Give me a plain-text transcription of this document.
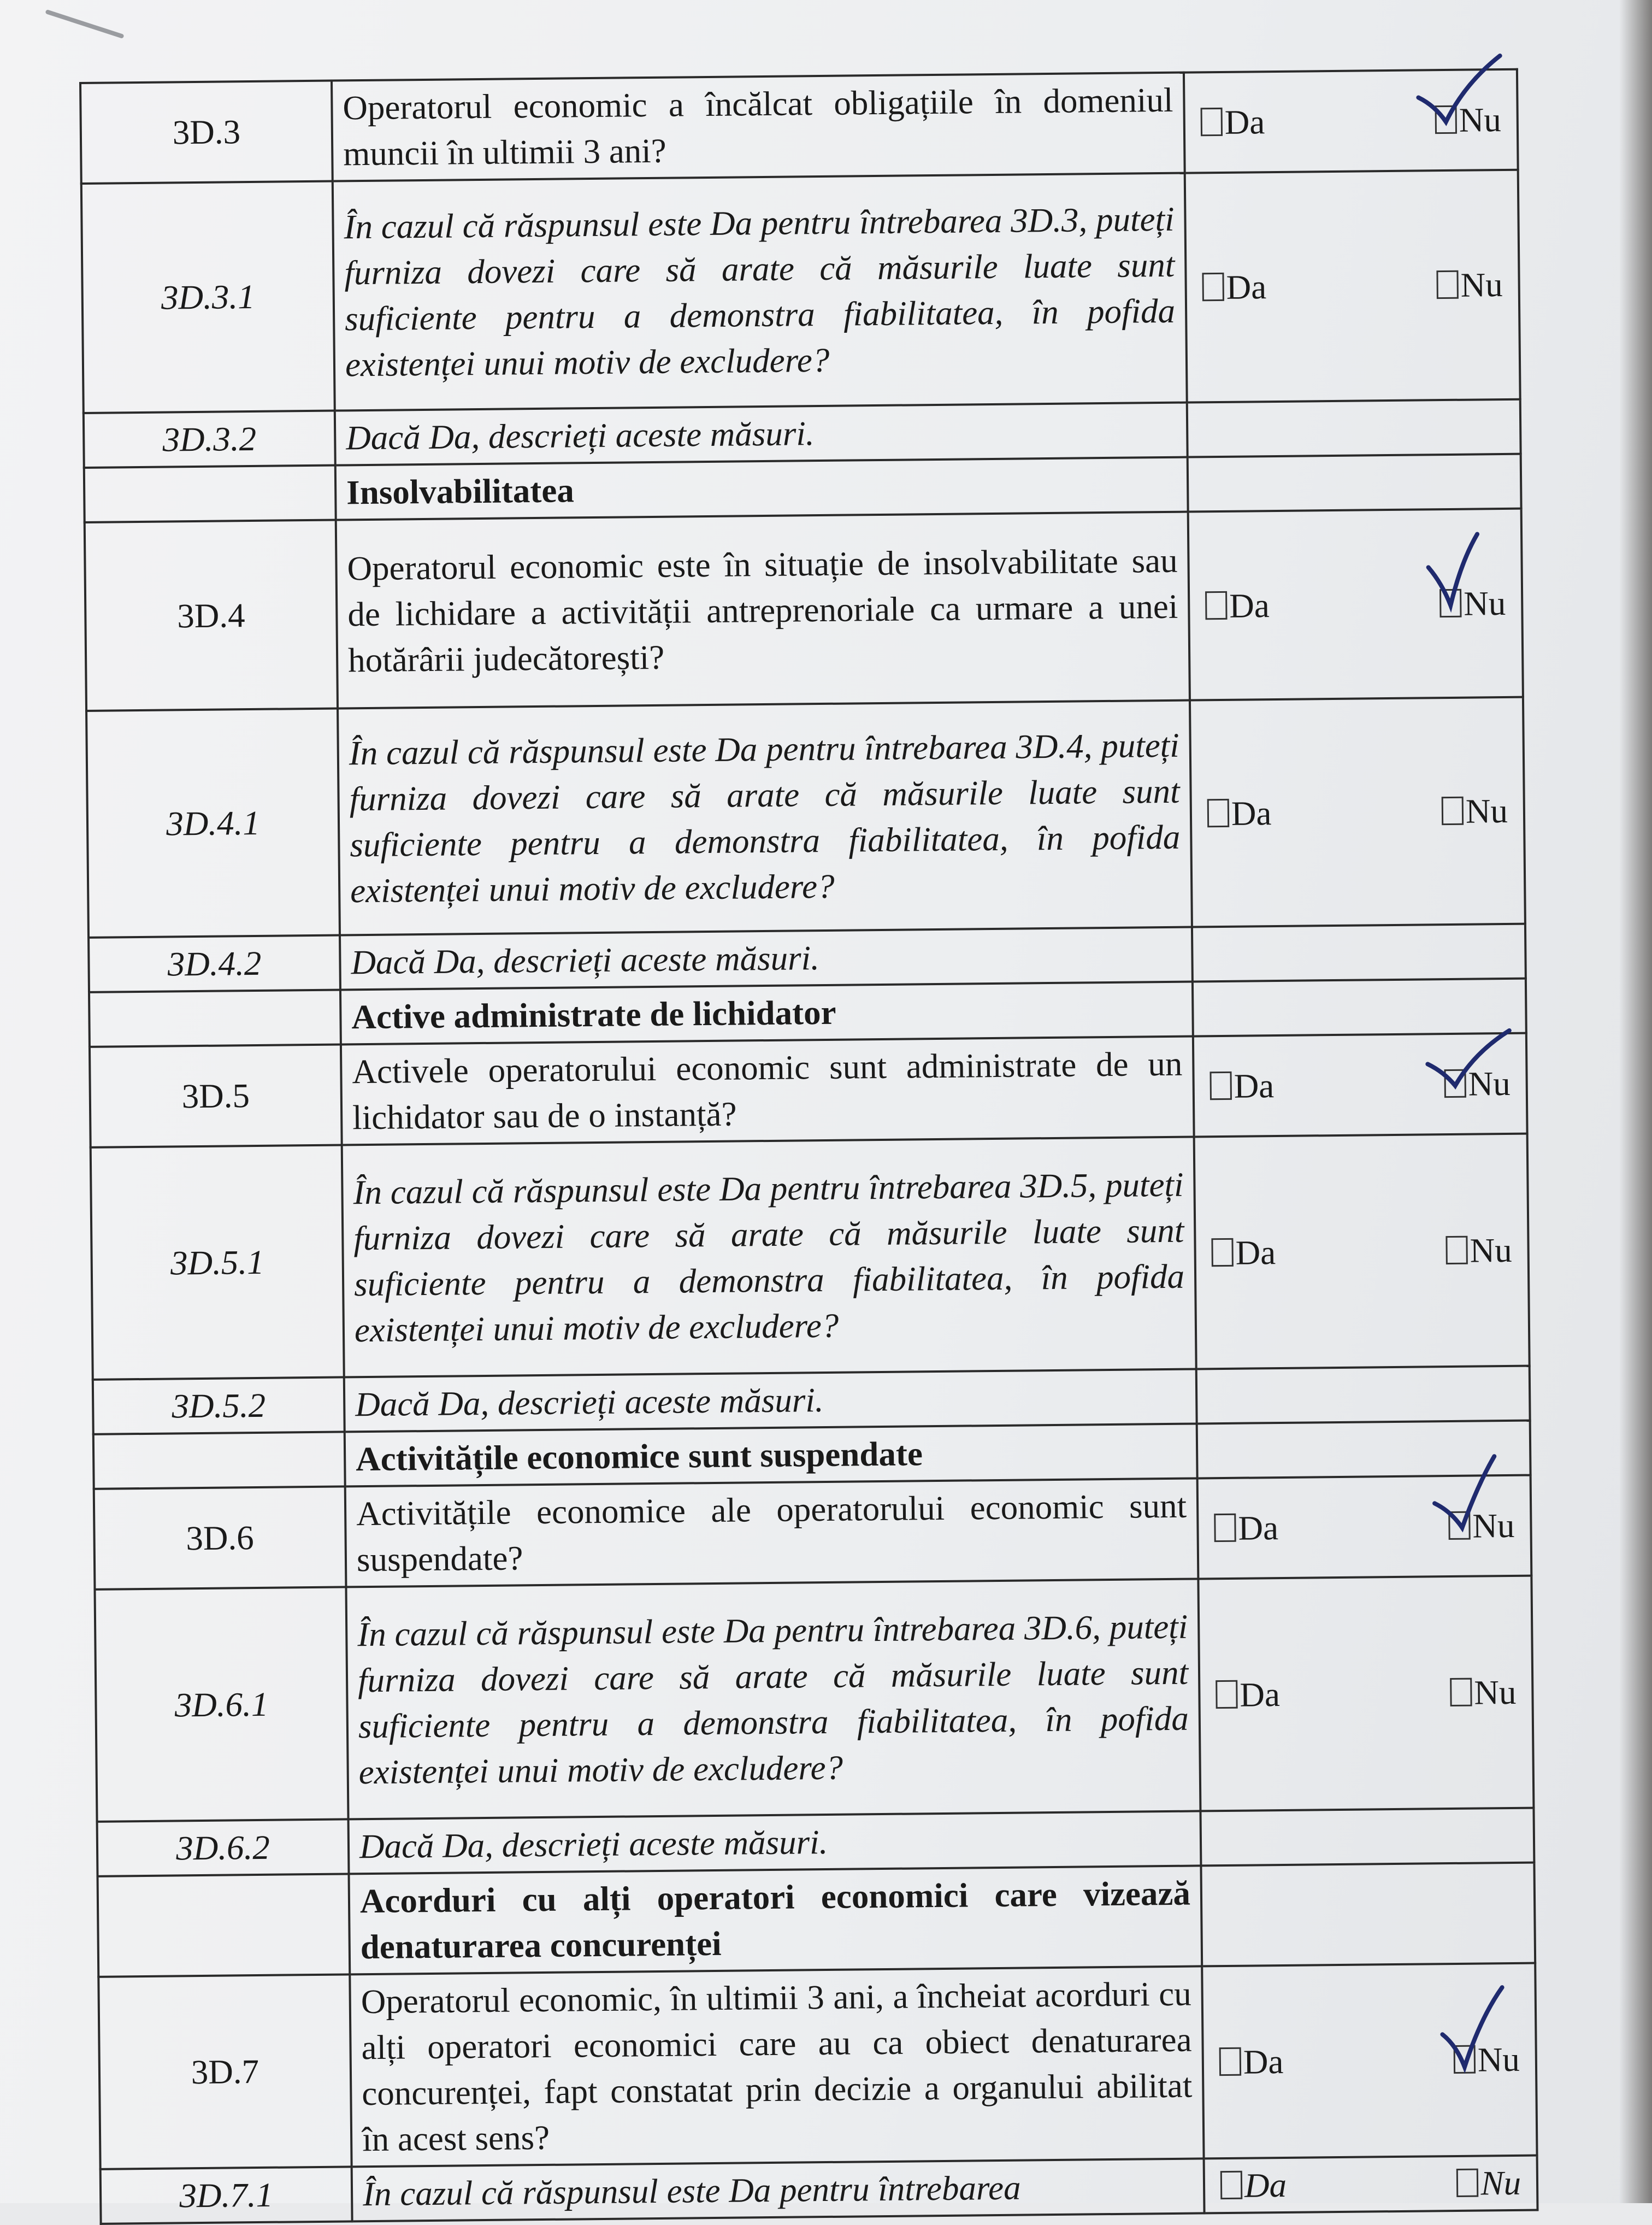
3D.3	Operatorul economic a încălcat obligațiile în domeniul muncii în ultimii 3 ani?	Da Nu

3D.3.1	În cazul că răspunsul este Da pentru întrebarea 3D.3, puteți furniza dovezi care să arate că măsurile luate sunt suficiente pentru a demonstra fiabilitatea, în pofida existenței unui motiv de excludere?	Da Nu

3D.3.2	Dacă Da, descrieți aceste măsuri.	
	Insolvabilitatea	
3D.4	Operatorul economic este în situație de insolvabilitate sau de lichidare a activității antreprenoriale ca urmare a unei hotărârii judecătorești?	Da Nu

3D.4.1	În cazul că răspunsul este Da pentru întrebarea 3D.4, puteți furniza dovezi care să arate că măsurile luate sunt suficiente pentru a demonstra fiabilitatea, în pofida existenței unui motiv de excludere?	Da Nu

3D.4.2	Dacă Da, descrieți aceste măsuri.	
	Active administrate de lichidator	
3D.5	Activele operatorului economic sunt administrate de un lichidator sau de o instanță?	Da Nu

3D.5.1	În cazul că răspunsul este Da pentru întrebarea 3D.5, puteți furniza dovezi care să arate că măsurile luate sunt suficiente pentru a demonstra fiabilitatea, în pofida existenței unui motiv de excludere?	Da Nu

3D.5.2	Dacă Da, descrieți aceste măsuri.	
	Activitățile economice sunt suspendate	
3D.6	Activitățile economice ale operatorului economic sunt suspendate?	Da Nu

3D.6.1	În cazul că răspunsul este Da pentru întrebarea 3D.6, puteți furniza dovezi care să arate că măsurile luate sunt suficiente pentru a demonstra fiabilitatea, în pofida existenței unui motiv de excludere?	Da Nu

3D.6.2	Dacă Da, descrieți aceste măsuri.	
	Acorduri cu alți operatori economici care vizează denaturarea concurenței	
3D.7	Operatorul economic, în ultimii 3 ani, a încheiat acorduri cu alți operatori economici care au ca obiect denaturarea concurenței, fapt constatat prin decizie a organului abilitat în acest sens?	Da Nu

3D.7.1	În cazul că răspunsul este Da pentru întrebarea	Da Nu
